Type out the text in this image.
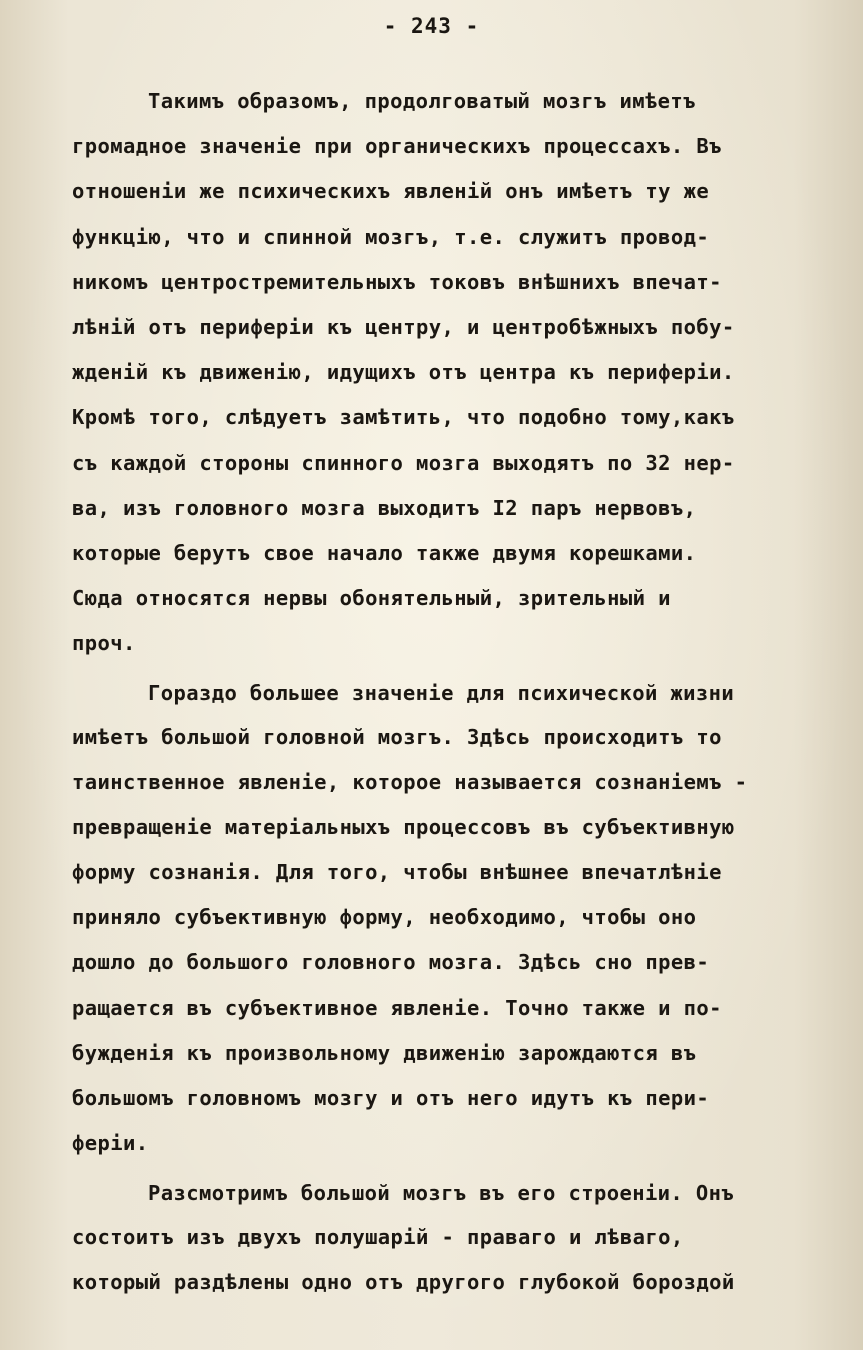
- 243 -
Такимъ образомъ, продолговатый мозгъ имѣетъ
громадное значеніе при органическихъ процессахъ. Въ
отношеніи же психическихъ явленій онъ имѣетъ ту же
функцію, что и спинной мозгъ, т.е. служитъ провод-
никомъ центростремительныхъ токовъ внѣшнихъ впечат-
лѣній отъ периферіи къ центру, и центробѣжныхъ побу-
жденій къ движенію, идущихъ отъ центра къ периферіи.
Кромѣ того, слѣдуетъ замѣтить, что подобно тому,какъ
съ каждой стороны спинного мозга выходятъ по 32 нер-
ва, изъ головного мозга выходитъ I2 паръ нервовъ,
которые берутъ свое начало также двумя корешками.
Сюда относятся нервы обонятельный, зрительный и
проч.
Гораздо большее значеніе для психической жизни
имѣетъ большой головной мозгъ. Здѣсь происходитъ то
таинственное явленіе, которое называется сознаніемъ -
превращеніе матеріальныхъ процессовъ въ субъективную
форму сознанія. Для того, чтобы внѣшнее впечатлѣніе
приняло субъективную форму, необходимо, чтобы оно
дошло до большого головного мозга. Здѣсь сно прев-
ращается въ субъективное явленіе. Точно также и по-
бужденія къ произвольному движенію зарождаются въ
большомъ головномъ мозгу и отъ него идутъ къ пери-
феріи.
Разсмотримъ большой мозгъ въ его строеніи. Онъ
состоитъ изъ двухъ полушарій - праваго и лѣваго,
который раздѣлены одно отъ другого глубокой бороздой
